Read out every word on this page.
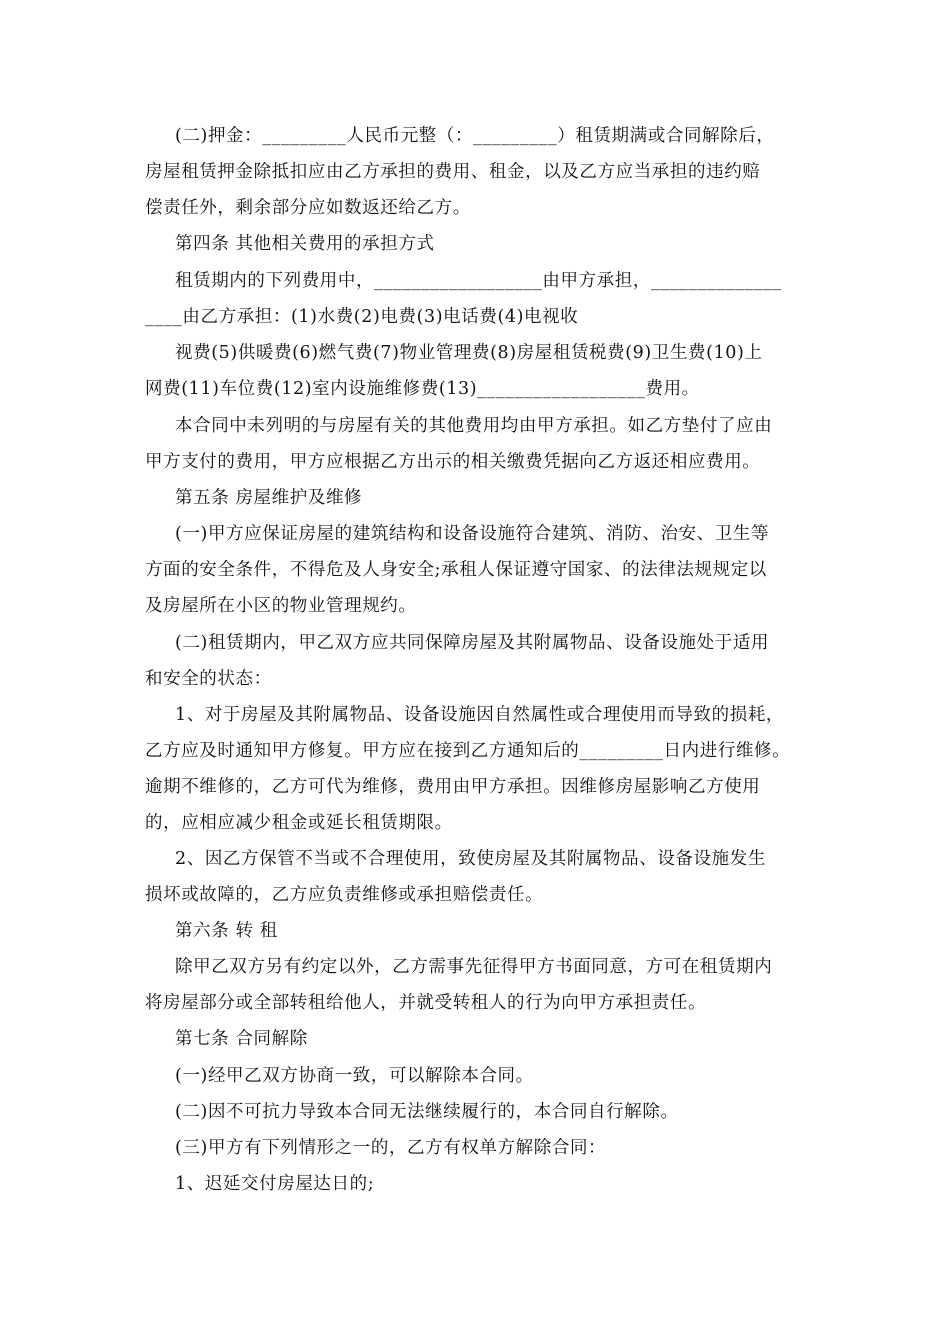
(二)押金：_________人民币元整（：_________）租赁期满或合同解除后，
房屋租赁押金除抵扣应由乙方承担的费用、租金，以及乙方应当承担的违约赔
偿责任外，剩余部分应如数返还给乙方。
第四条 其他相关费用的承担方式
租赁期内的下列费用中，__________________由甲方承担，______________
____由乙方承担：(1)水费(2)电费(3)电话费(4)电视收
视费(5)供暖费(6)燃气费(7)物业管理费(8)房屋租赁税费(9)卫生费(10)上
网费(11)车位费(12)室内设施维修费(13)__________________费用。
本合同中未列明的与房屋有关的其他费用均由甲方承担。如乙方垫付了应由
甲方支付的费用，甲方应根据乙方出示的相关缴费凭据向乙方返还相应费用。
第五条 房屋维护及维修
(一)甲方应保证房屋的建筑结构和设备设施符合建筑、消防、治安、卫生等
方面的安全条件，不得危及人身安全;承租人保证遵守国家、的法律法规规定以
及房屋所在小区的物业管理规约。
(二)租赁期内，甲乙双方应共同保障房屋及其附属物品、设备设施处于适用
和安全的状态：
1、对于房屋及其附属物品、设备设施因自然属性或合理使用而导致的损耗，
乙方应及时通知甲方修复。甲方应在接到乙方通知后的_________日内进行维修。
逾期不维修的，乙方可代为维修，费用由甲方承担。因维修房屋影响乙方使用
的，应相应减少租金或延长租赁期限。
2、因乙方保管不当或不合理使用，致使房屋及其附属物品、设备设施发生
损坏或故障的，乙方应负责维修或承担赔偿责任。
第六条 转 租
除甲乙双方另有约定以外，乙方需事先征得甲方书面同意，方可在租赁期内
将房屋部分或全部转租给他人，并就受转租人的行为向甲方承担责任。
第七条 合同解除
(一)经甲乙双方协商一致，可以解除本合同。
(二)因不可抗力导致本合同无法继续履行的，本合同自行解除。
(三)甲方有下列情形之一的，乙方有权单方解除合同：
1、迟延交付房屋达日的;
